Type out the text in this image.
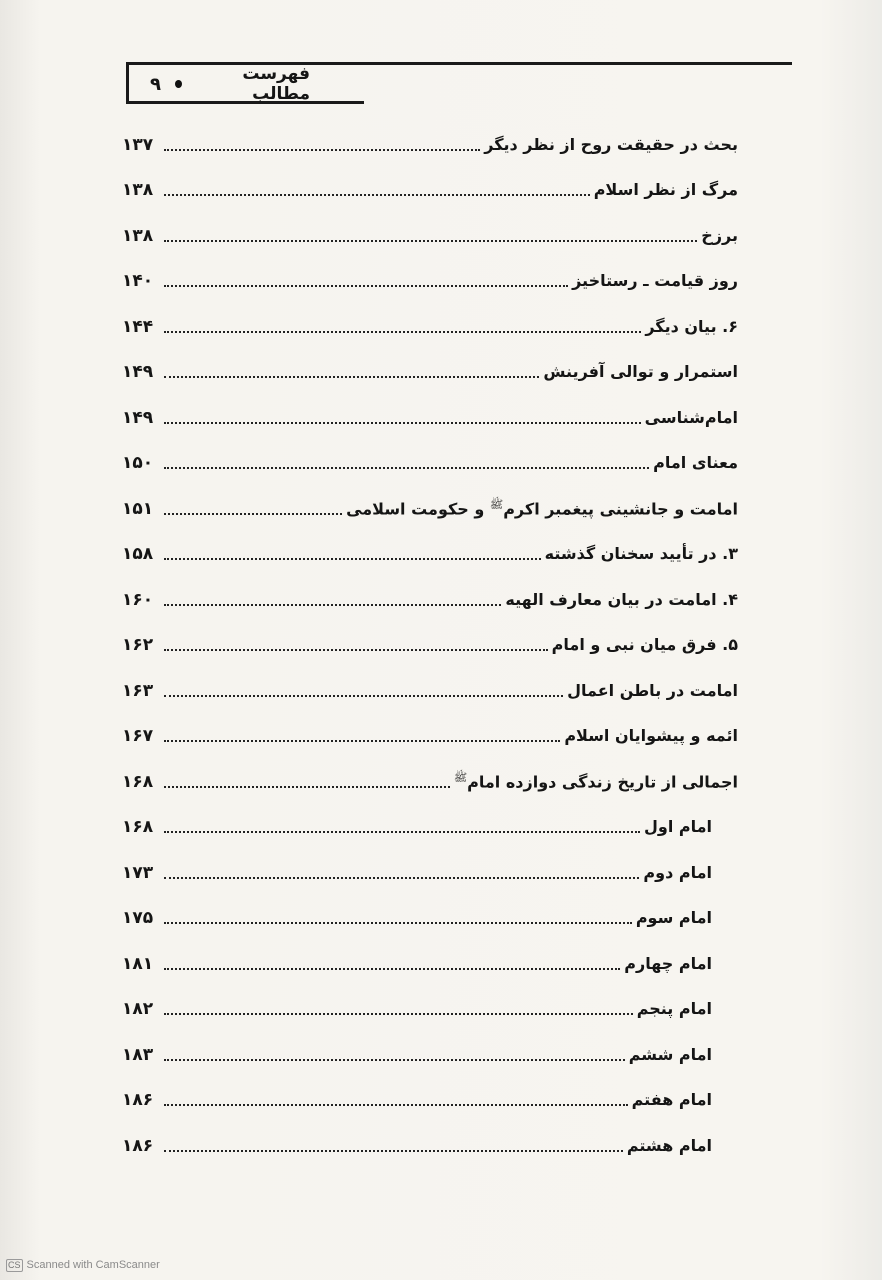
۹	فهرست مطالب
بحث در حقیقت روح از نظر دیگر
۱۳۷
مرگ از نظر اسلام
۱۳۸
برزخ
۱۳۸
روز قیامت ـ رستاخیز
۱۴۰
۶. بیان دیگر
۱۴۴
استمرار و توالی آفرینش
۱۴۹
امام‌شناسی
۱۴۹
معنای امام
۱۵۰
امامت و جانشینی پیغمبر اکرم$^ﷺ$ و حکومت اسلامی
۱۵۱
۳. در تأیید سخنان گذشته
۱۵۸
۴. امامت در بیان معارف الهیه
۱۶۰
۵. فرق میان نبی و امام
۱۶۲
امامت در باطن اعمال
۱۶۳
ائمه و پیشوایان اسلام
۱۶۷
اجمالی از تاریخ زندگی دوازده امام$^ﷺ$
۱۶۸
امام اول
۱۶۸
امام دوم
۱۷۳
امام سوم
۱۷۵
امام چهارم
۱۸۱
امام پنجم
۱۸۲
امام ششم
۱۸۳
امام هفتم
۱۸۶
امام هشتم
۱۸۶
CS Scanned with CamScanner
